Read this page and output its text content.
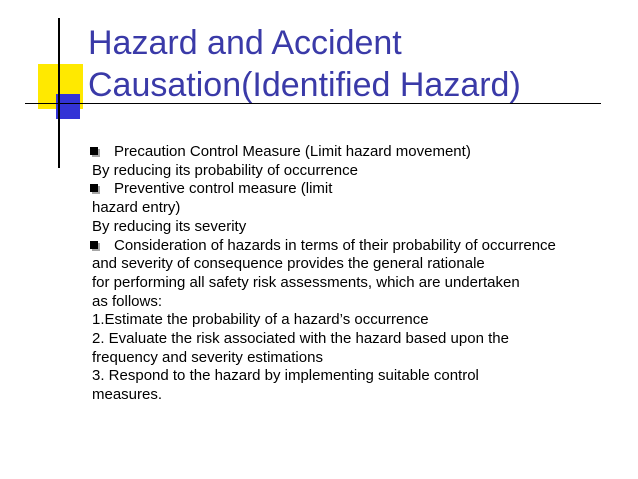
Hazard and Accident
Causation(Identified Hazard)
Precaution Control Measure (Limit hazard movement)
By reducing its probability of occurrence
Preventive control measure (limit
hazard entry)
By reducing its severity
Consideration of hazards in terms of their probability of occurrence
and severity of consequence provides the general rationale
for performing all safety risk assessments, which are undertaken
as follows:
1.Estimate the probability of a hazard’s occurrence
2. Evaluate the risk associated with the hazard based upon the
frequency and severity estimations
3. Respond to the hazard by implementing suitable control
measures.
